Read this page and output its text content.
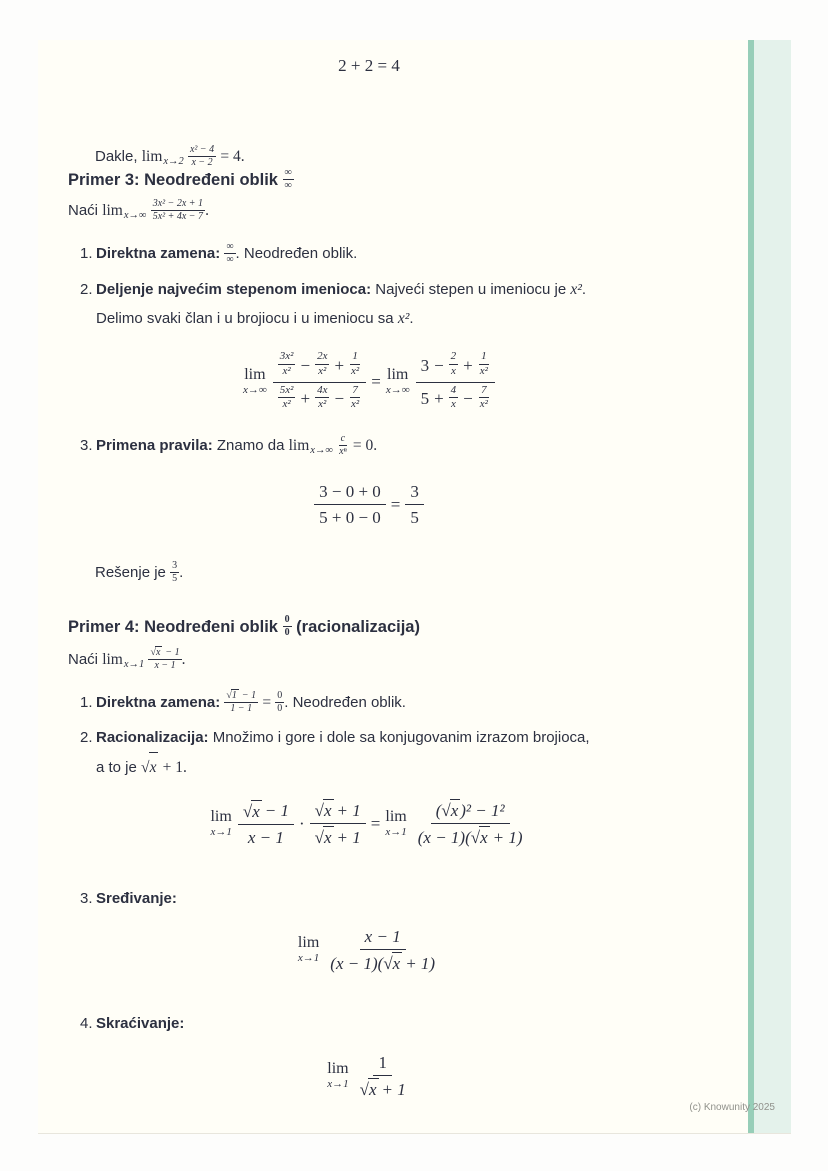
2 + 2 = 4

Dakle, $\lim_{x\to 2} \frac{\text{x² − 4}}{x - 2} = 4$.

Primer 3: Neodređeni oblik $\frac{\infty}{\infty}$

Naći $\lim_{x\to\infty} \frac{\text{3x² − 2x + 1}}{\text{5x² + 4x − 7}}$ .

1. Direktna zamena: $\frac{\infty}{\infty}$ . Neodređen oblik.
2. Deljenje najvećim stepenom imenioca: Najveći stepen u imeniocu je x².
Delimo svaki član i u brojiocu i u imeniocu sa x².
lim
$x\to\infty \frac{\frac{\text{3x²}}{\text{x²}} - \frac{2x}{\text{x²}} + \frac{1}{\text{x²}}}{\frac{\text{5x²}}{\text{x²}} + \frac{4x}{\text{x²}} - \frac{7}{\text{x²}}} = \lim$
$x\to\infty \frac{3 - \frac{2}{x} + \frac{1}{\text{x²}}}{5 + \frac{4}{x} - \frac{7}{\text{x²}}}$
3. Primena pravila: Znamo da $\lim_{x\to\infty} \frac{c}{\text{xⁿ}} = 0$.
$\frac{3 - 0 + 0}{5 + 0 - 0} = \frac{3}{5}$

Rešenje je $\frac{3}{5}$ .

Primer 4: Neodređeni oblik $\frac{0}{0}$ (racionalizacija)

Naći $\lim_{x\to 1} \frac{√ x - 1}{x - 1}$ .

1. Direktna zamena: $\frac{√ 1 - 1}{1 - 1} = \frac{0}{0}$ . Neodređen oblik.
2. Racionalizacija: Množimo i gore i dole sa konjugovanim izrazom brojioca,
a to je √ x + 1.
lim
$x\to 1 \frac{√ x - 1}{x - 1} \cdot \frac{√ x + 1}{√ x + 1} = \lim$
$x\to 1 \frac{\text{( √ x )² − 1²}}{(x - 1)( √ x + 1)}$
3. Sređivanje:
lim
$x\to 1 \frac{x - 1}{(x - 1)( √ x + 1)}$
4. Skraćivanje:
lim
$x\to 1 \frac{1}{√ x + 1}$
(c) Knowunity 2025
